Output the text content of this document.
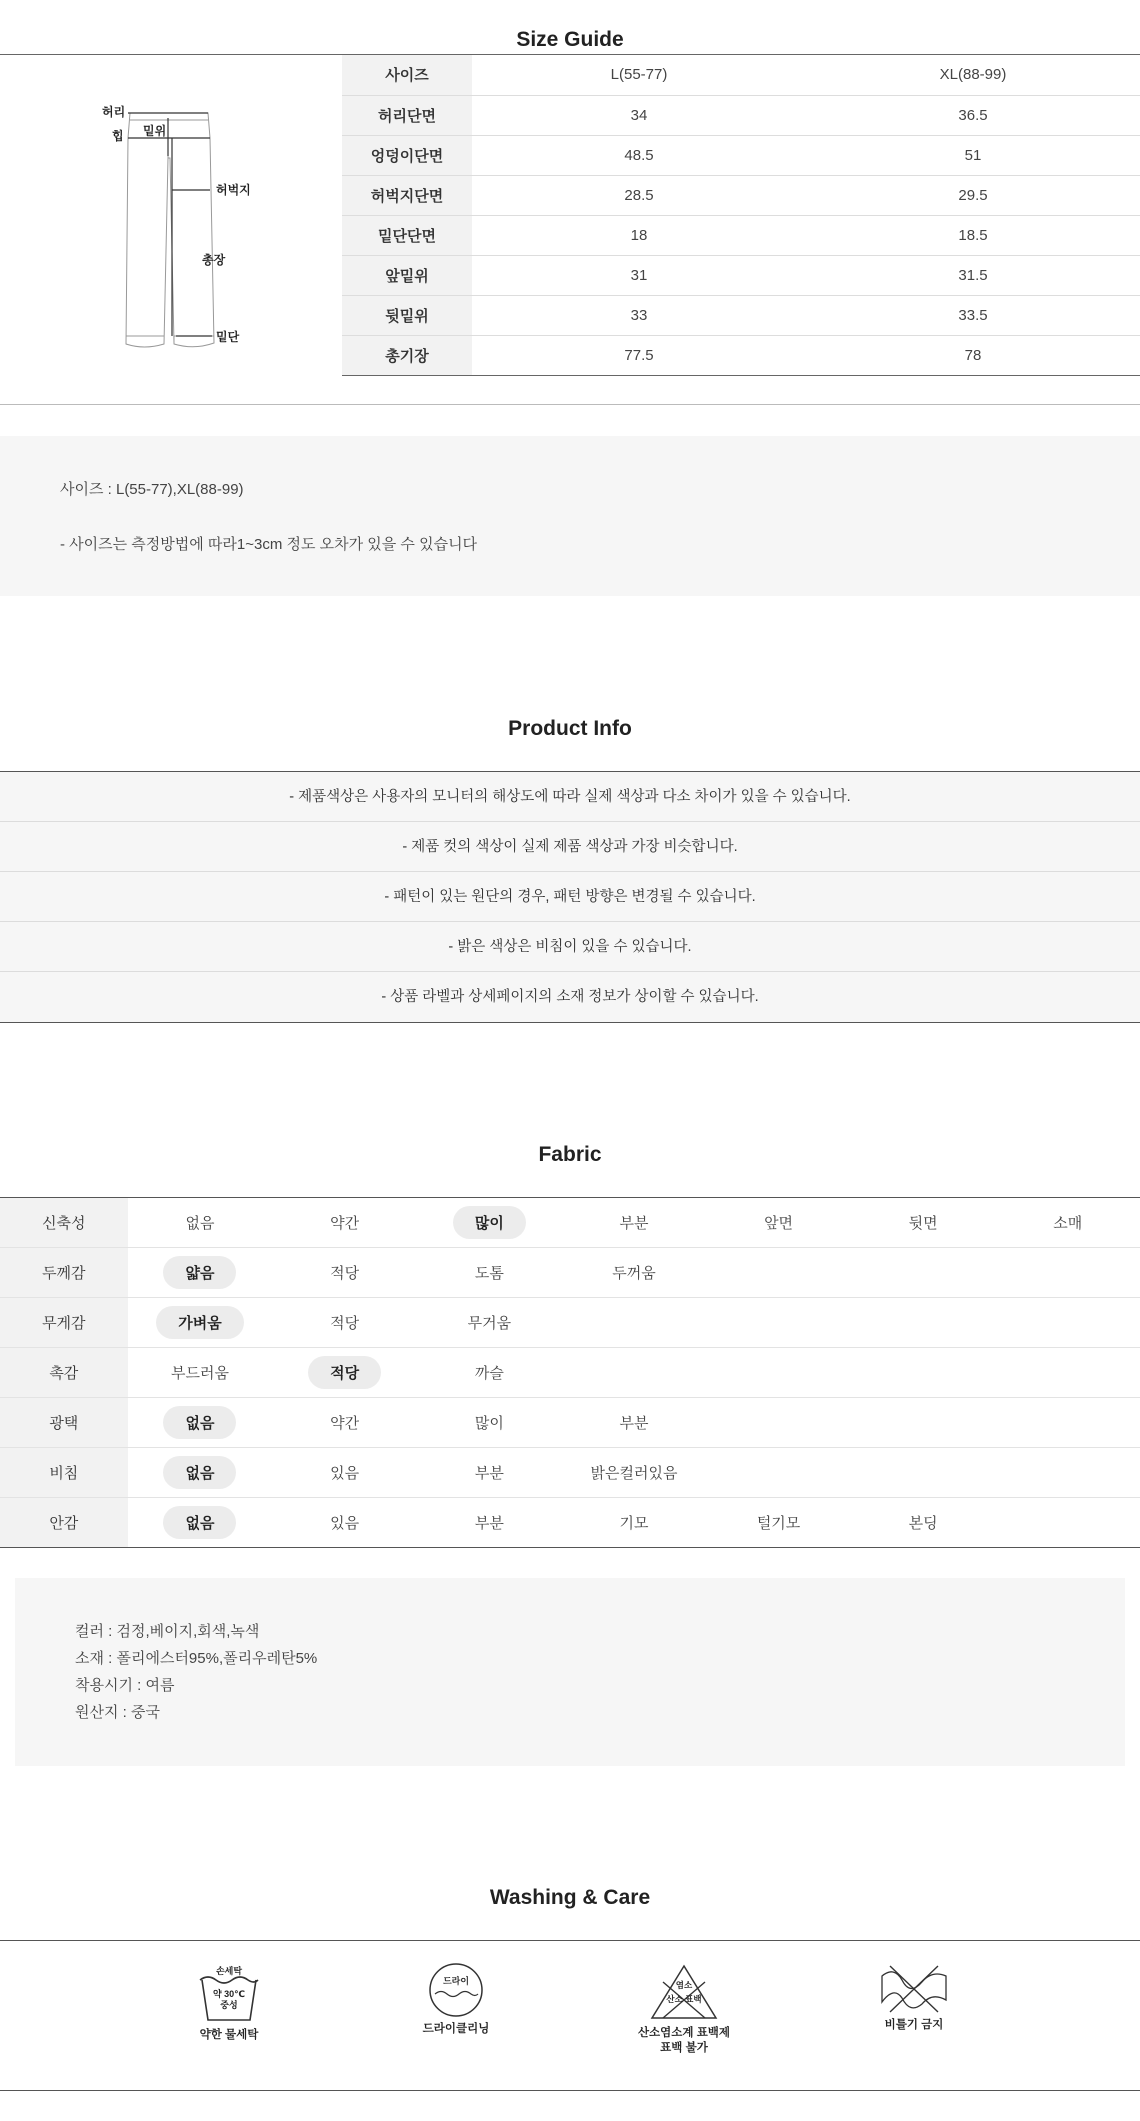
Size Guide
허리
힙 밑위
허벅지
총장
밑단
사이즈	L(55-77)	XL(88-99)
허리단면	34	36.5
엉덩이단면	48.5	51
허벅지단면	28.5	29.5
밑단단면	18	18.5
앞밑위	31	31.5
뒷밑위	33	33.5
총기장	77.5	78

사이즈 : L(55-77),XL(88-99)

- 사이즈는 측정방법에 따라1~3cm 정도 오차가 있을 수 있습니다

Product Info
- 제품색상은 사용자의 모니터의 해상도에 따라 실제 색상과 다소 차이가 있을 수 있습니다.
- 제품 컷의 색상이 실제 제품 색상과 가장 비슷합니다.
- 패턴이 있는 원단의 경우, 패턴 방향은 변경될 수 있습니다.
- 밝은 색상은 비침이 있을 수 있습니다.
- 상품 라벨과 상세페이지의 소재 정보가 상이할 수 있습니다.
Fabric
신축성	없음	약간	많이	부분	앞면	뒷면	소매
두께감	얇음	적당	도톰	두꺼움			
무게감	가벼움	적당	무거움				
촉감	부드러움	적당	까슬				
광택	없음	약간	많이	부분			
비침	없음	있음	부분	밝은컬러있음			
안감	없음	있음	부분	기모	털기모	본딩	

컬러 : 검정,베이지,회색,녹색

소재 : 폴리에스터95%,폴리우레탄5%

착용시기 : 여름

원산지 : 중국

Washing & Care
손세탁
약 30℃
중성
약한 물세탁
드라이
드라이클리닝
염소
산소 표백
산소염소계 표백제
표백 불가
비틀기 금지
